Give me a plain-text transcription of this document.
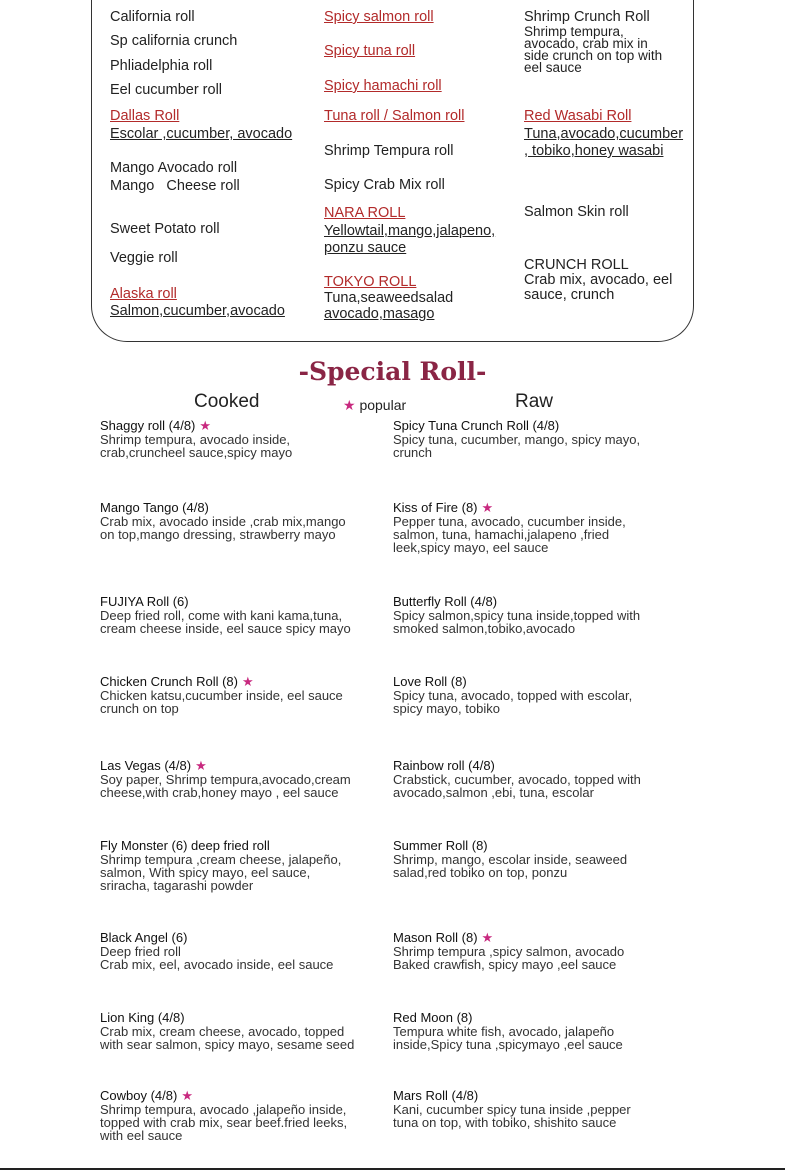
California roll
Sp california crunch
Phliadelphia roll
Eel cucumber roll
Dallas Roll
Escolar ,cucumber, avocado
Mango Avocado roll
Mango   Cheese roll
Sweet Potato roll
Veggie roll
Alaska roll
Salmon,cucumber,avocado
Spicy salmon roll
Spicy tuna roll
Spicy hamachi roll
Tuna roll / Salmon roll
Shrimp Tempura roll
Spicy Crab Mix roll
NARA ROLL
Yellowtail,mango,jalapeno,
ponzu sauce
TOKYO ROLL
Tuna,seaweedsalad
avocado,masago
Shrimp Crunch Roll
Shrimp tempura,
avocado, crab mix in
side crunch on top with
eel sauce
Red Wasabi Roll
Tuna,avocado,cucumber
, tobiko,honey wasabi
Salmon Skin roll
CRUNCH ROLL
Crab mix, avocado, eel
sauce, crunch
-Special Roll-
Cooked	★ popular	Raw
Shaggy roll (4/8) ★
Shrimp tempura, avocado inside,
crab,cruncheel sauce,spicy mayo
Mango Tango (4/8)
Crab mix, avocado inside ,crab mix,mango
on top,mango dressing, strawberry mayo
FUJIYA Roll (6)
Deep fried roll, come with kani kama,tuna,
cream cheese inside, eel sauce spicy mayo
Chicken Crunch Roll (8) ★
Chicken katsu,cucumber inside, eel sauce
crunch on top
Las Vegas (4/8) ★
Soy paper, Shrimp tempura,avocado,cream
cheese,with crab,honey mayo , eel sauce
Fly Monster (6) deep fried roll
Shrimp tempura ,cream cheese, jalapeño,
salmon, With spicy mayo, eel sauce,
sriracha, tagarashi powder
Black Angel (6)
Deep fried roll
Crab mix, eel, avocado inside, eel sauce
Lion King (4/8)
Crab mix, cream cheese, avocado, topped
with sear salmon, spicy mayo, sesame seed
Cowboy (4/8) ★
Shrimp tempura, avocado ,jalapeño inside,
topped with crab mix, sear beef.fried leeks,
with eel sauce
Spicy Tuna Crunch Roll (4/8)
Spicy tuna, cucumber, mango, spicy mayo,
crunch
Kiss of Fire (8) ★
Pepper tuna, avocado, cucumber inside,
salmon, tuna, hamachi,jalapeno ,fried
leek,spicy mayo, eel sauce
Butterfly Roll (4/8)
Spicy salmon,spicy tuna inside,topped with
smoked salmon,tobiko,avocado
Love Roll (8)
Spicy tuna, avocado, topped with escolar,
spicy mayo, tobiko
Rainbow roll (4/8)
Crabstick, cucumber, avocado, topped with
avocado,salmon ,ebi, tuna, escolar
Summer Roll (8)
Shrimp, mango, escolar inside, seaweed
salad,red tobiko on top, ponzu
Mason Roll (8) ★
Shrimp tempura ,spicy salmon, avocado
Baked crawfish, spicy mayo ,eel sauce
Red Moon (8)
Tempura white fish, avocado, jalapeño
inside,Spicy tuna ,spicymayo ,eel sauce
Mars Roll (4/8)
Kani, cucumber spicy tuna inside ,pepper
tuna on top, with tobiko, shishito sauce
